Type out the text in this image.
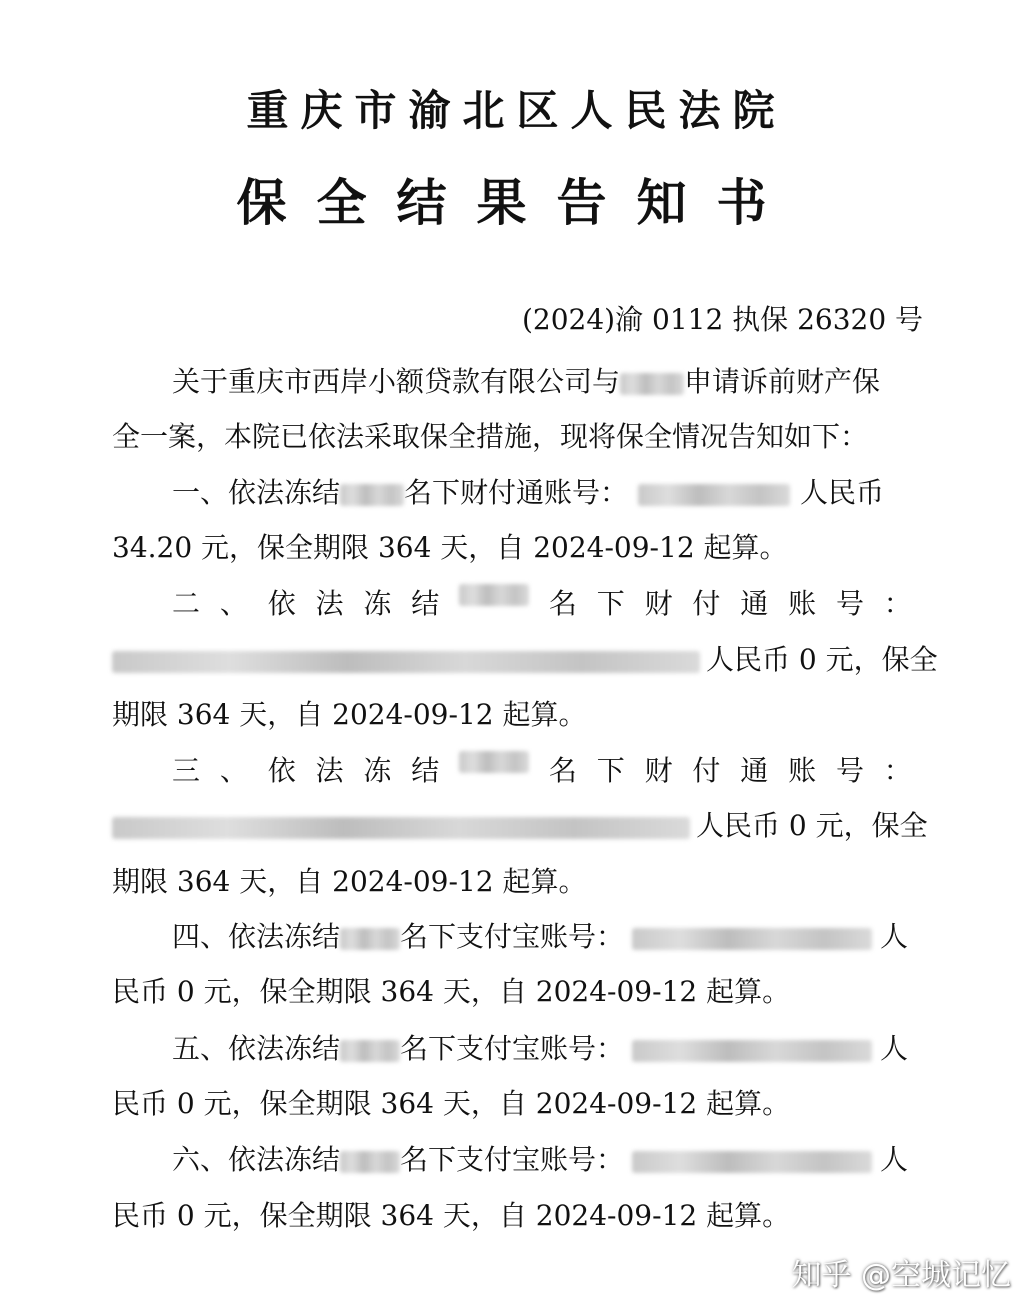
重庆市渝北区人民法院
保全结果告知书
(2024)渝 0112 执保 26320 号
关于重庆市西岸小额贷款有限公司与 申请诉前财产保
全一案，本院已依法采取保全措施，现将保全情况告知如下：
一、依法冻结 名下财付通账号：	人民币
34.20 元，保全期限 364 天，自 2024-09-12 起算。
二 、 依 法 冻 结	名 下 财 付 通 账 号 ：
人民币 0 元，保全
期限 364 天，自 2024-09-12 起算。
三 、 依 法 冻 结	名 下 财 付 通 账 号 ：
人民币 0 元，保全
期限 364 天，自 2024-09-12 起算。
四、依法冻结 名下支付宝账号：	人
民币 0 元，保全期限 364 天，自 2024-09-12 起算。
五、依法冻结 名下支付宝账号：	人
民币 0 元，保全期限 364 天，自 2024-09-12 起算。
六、依法冻结 名下支付宝账号：	人
民币 0 元，保全期限 364 天，自 2024-09-12 起算。
知乎 @空城记忆
